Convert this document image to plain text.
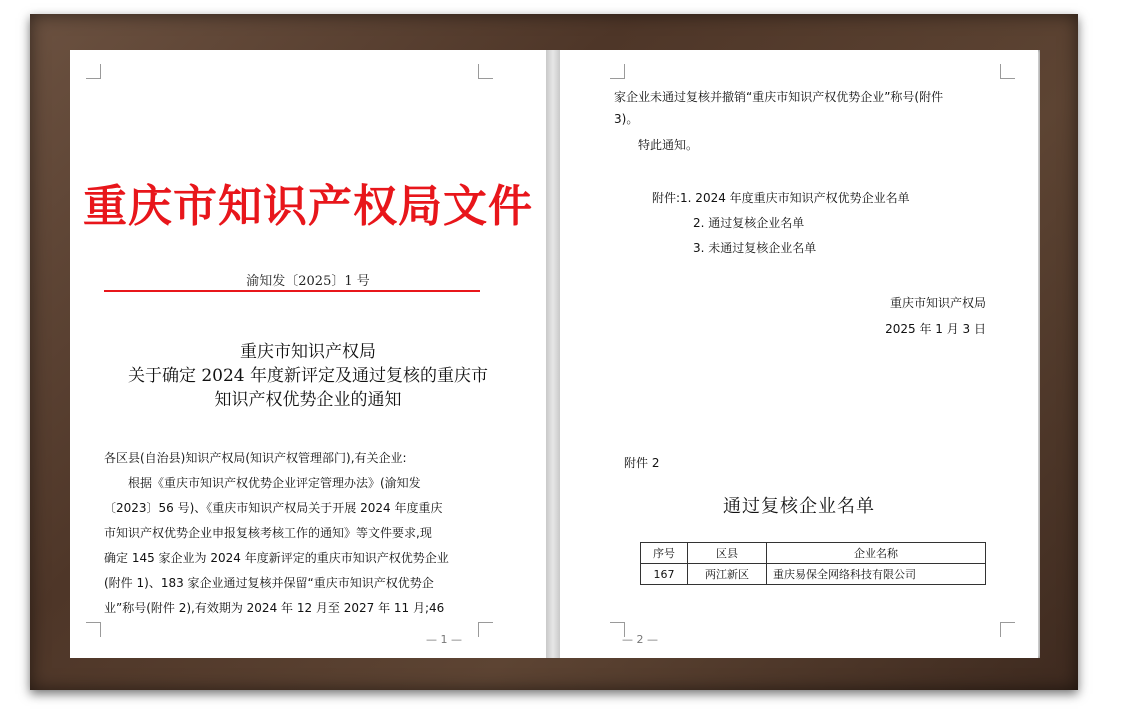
重庆市知识产权局文件
渝知发〔2025〕1 号
重庆市知识产权局
关于确定 2024 年度新评定及通过复核的重庆市
知识产权优势企业的通知

各区县(自治县)知识产权局(知识产权管理部门),有关企业:

根据《重庆市知识产权优势企业评定管理办法》(渝知发

〔2023〕56 号)、《重庆市知识产权局关于开展 2024 年度重庆

市知识产权优势企业申报复核考核工作的通知》等文件要求,现

确定 145 家企业为 2024 年度新评定的重庆市知识产权优势企业

(附件 1)、183 家企业通过复核并保留“重庆市知识产权优势企

业”称号(附件 2),有效期为 2024 年 12 月至 2027 年 11 月;46

— 1 —

家企业未通过复核并撤销“重庆市知识产权优势企业”称号(附件

3)。

特此通知。

附件:1. 2024 年度重庆市知识产权优势企业名单
2. 通过复核企业名单
3. 未通过复核企业名单
重庆市知识产权局
2025 年 1 月 3 日
附件 2
通过复核企业名单
序号	区县	企业名称
167	两江新区	重庆易保全网络科技有限公司
— 2 —
